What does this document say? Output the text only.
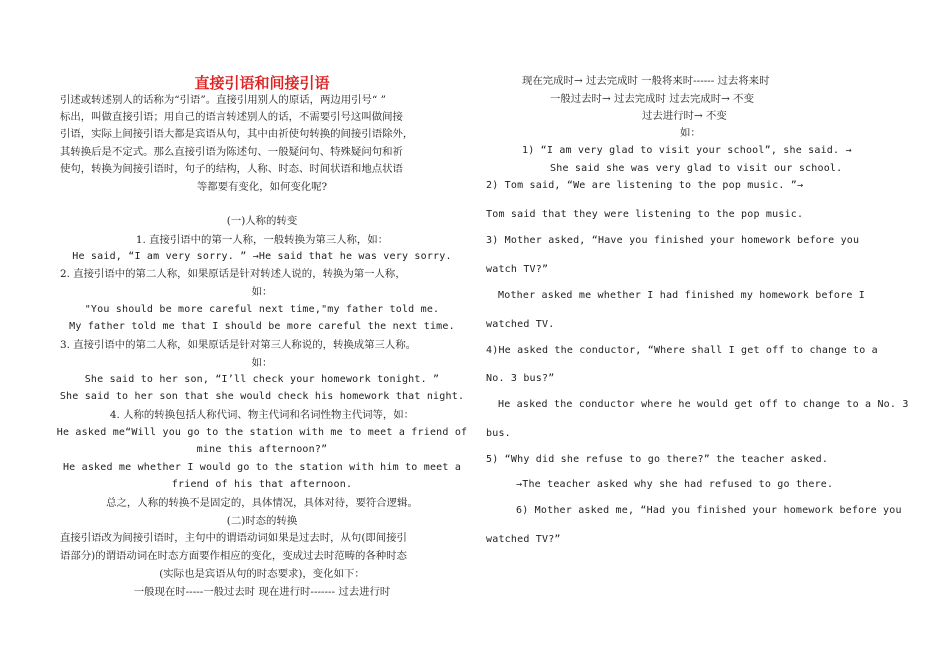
直接引语和间接引语
引述或转述别人的话称为“引语”。直接引用别人的原话，两边用引号“ ”
标出，叫做直接引语；用自己的语言转述别人的话，不需要引号这叫做间接
引语，实际上间接引语大都是宾语从句，其中由祈使句转换的间接引语除外，
其转换后是不定式。那么直接引语为陈述句、一般疑问句、特殊疑问句和祈
使句，转换为间接引语时，句子的结构，人称、时态、时间状语和地点状语
等都要有变化，如何变化呢?
(一)人称的转变
1. 直接引语中的第一人称，一般转换为第三人称，如：
He said, “I am very sorry. ” →He said that he was very sorry.
2. 直接引语中的第二人称，如果原话是针对转述人说的，转换为第一人称，
如：
"You should be more careful next time,"my father told me.
My father told me that I should be more careful the next time.
3. 直接引语中的第二人称，如果原话是针对第三人称说的，转换成第三人称。
如：
She said to her son, “I’ll check your homework tonight. ”
She said to her son that she would check his homework that night.
4. 人称的转换包括人称代词、物主代词和名词性物主代词等，如：
He asked me“Will you go to the station with me to meet a friend of
mine this afternoon?”
He asked me whether I would go to the station with him to meet a
friend of his that afternoon.
总之，人称的转换不是固定的，具体情况，具体对待，要符合逻辑。
(二)时态的转换
直接引语改为间接引语时，主句中的谓语动词如果是过去时，从句(即间接引
语部分)的谓语动词在时态方面要作相应的变化，变成过去时范畴的各种时态
(实际也是宾语从句的时态要求)，变化如下：
一般现在时-----一般过去时 现在进行时------- 过去进行时
现在完成时→ 过去完成时 一般将来时------ 过去将来时
一般过去时→ 过去完成时 过去完成时→ 不变
过去进行时→ 不变
如：
1) “I am very glad to visit your school”, she said. →
She said she was very glad to visit our school.
2) Tom said, “We are listening to the pop music. ”→
Tom said that they were listening to the pop music.
3) Mother asked, “Have you finished your homework before you
watch TV?”
Mother asked me whether I had finished my homework before I
watched TV.
4)He asked the conductor, “Where shall I get off to change to a
No. 3 bus?”
He asked the conductor where he would get off to change to a No. 3
bus.
5) “Why did she refuse to go there?” the teacher asked.
→The teacher asked why she had refused to go there.
6) Mother asked me, “Had you finished your homework before you
watched TV?”
